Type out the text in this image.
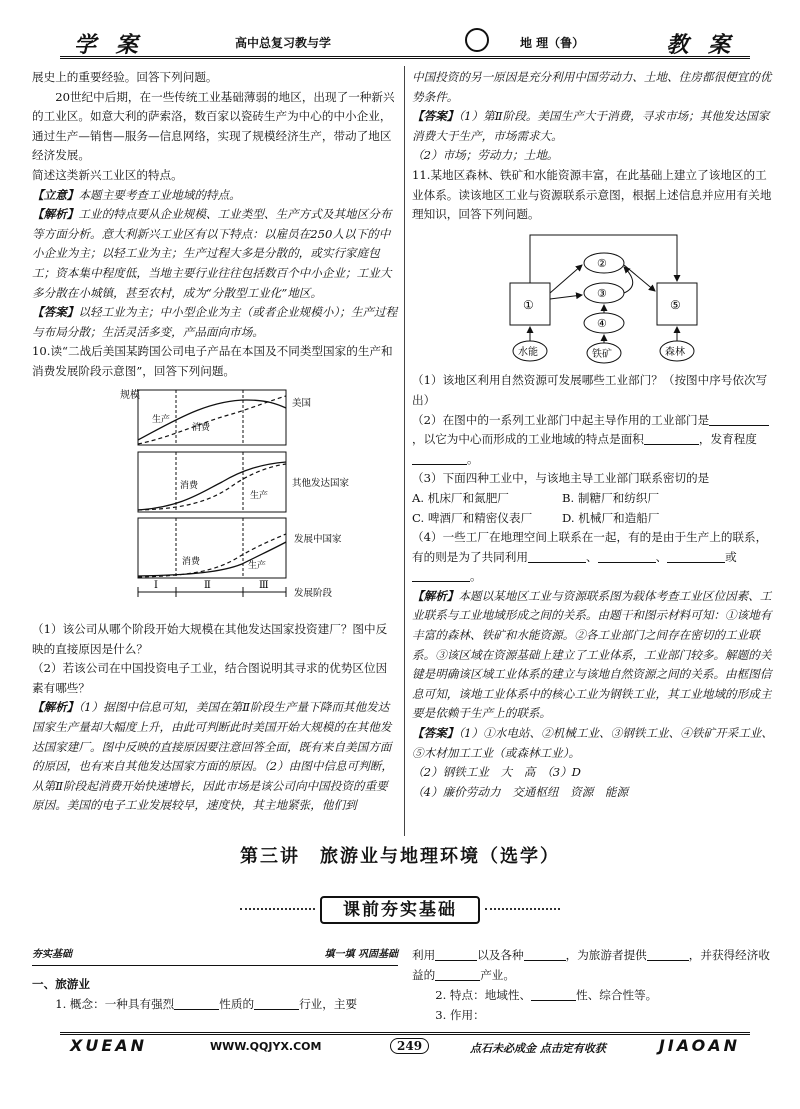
学 案	高中总复习教与学	地 理（鲁）	教 案

展史上的重要经验。回答下列问题。

20世纪中后期，在一些传统工业基础薄弱的地区，出现了一种新兴的工业区。如意大利的萨索洛，数百家以瓷砖生产为中心的中小企业，通过生产—销售—服务—信息网络，实现了规模经济生产，带动了地区经济发展。

简述这类新兴工业区的特点。

【立意】本题主要考查工业地域的特点。

【解析】工业的特点要从企业规模、工业类型、生产方式及其地区分布等方面分析。意大利新兴工业区有以下特点：以雇员在250人以下的中小企业为主；以轻工业为主；生产过程大多是分散的，或实行家庭包工；资本集中程度低，当地主要行业往往包括数百个中小企业；工业大多分散在小城镇，甚至农村，成为“分散型工业化”地区。

【答案】以轻工业为主；中小型企业为主（或者企业规模小）；生产过程与布局分散；生活灵活多变，产品面向市场。

10.读“二战后美国某跨国公司电子产品在本国及不同类型国家的生产和消费发展阶段示意图”，回答下列问题。

规模
生产
消费
美国
消费
生产
其他发达国家
消费	生产
发展中国家
Ⅰ	Ⅱ	Ⅲ
发展阶段

（1）该公司从哪个阶段开始大规模在其他发达国家投资建厂？图中反映的直接原因是什么？

（2）若该公司在中国投资电子工业，结合图说明其寻求的优势区位因素有哪些？

【解析】（1）据图中信息可知，美国在第Ⅱ阶段生产量下降而其他发达国家生产量却大幅度上升，由此可判断此时美国开始大规模的在其他发达国家建厂。图中反映的直接原因要注意回答全面，既有来自美国方面的原因，也有来自其他发达国家方面的原因。（2）由图中信息可判断，从第Ⅱ阶段起消费开始快速增长，因此市场是该公司向中国投资的重要原因。美国的电子工业发展较早，速度快，其主地紧张，他们到

中国投资的另一原因是充分利用中国劳动力、土地、住房都很便宜的优势条件。

【答案】（1）第Ⅱ阶段。美国生产大于消费，寻求市场；其他发达国家消费大于生产，市场需求大。

（2）市场；劳动力；土地。

11.某地区森林、铁矿和水能资源丰富，在此基础上建立了该地区的工业体系。读该地区工业与资源联系示意图，根据上述信息并应用有关地理知识，回答下列问题。

①	⑤
②
③
④
水能	铁矿	森林

（1）该地区利用自然资源可发展哪些工业部门？（按图中序号依次写出）

（2）在图中的一系列工业部门中起主导作用的工业部门是，以它为中心而形成的工业地域的特点是面积	，发育程度。

（3）下面四种工业中，与该地主导工业部门联系密切的是

A. 机床厂和氮肥厂	B. 制糖厂和纺织厂

C. 啤酒厂和精密仪表厂	D. 机械厂和造船厂

（4）一些工厂在地理空间上联系在一起，有的是由于生产上的联系，有的则是为了共同利用	、	、	或。

【解析】本题以某地区工业与资源联系图为载体考查工业区位因素、工业联系与工业地域形成之间的关系。由题干和图示材料可知：①该地有丰富的森林、铁矿和水能资源。②各工业部门之间存在密切的工业联系。③该区域在资源基础上建立了工业体系，工业部门较多。解题的关键是明确该区域工业体系的建立与该地自然资源之间的关系。由框图信息可知，该地工业体系中的核心工业为钢铁工业，其工业地域的形成主要是依赖于生产上的联系。

【答案】（1）①水电站、②机械工业、③钢铁工业、④铁矿开采工业、⑤木材加工工业（或森林工业）。

（2）钢铁工业　大　高　（3）D

（4）廉价劳动力　交通枢纽　资源　能源

第三讲　旅游业与地理环境（选学）
课前夯实基础
夯实基础	填一填 巩固基础

一、旅游业

1. 概念：一种具有强烈	性质的	行业，主要

利用	以及各种	，为旅游者提供	，并获得经济收益的	产业。

2. 特点：地域性、	性、综合性等。

3. 作用：

XUEAN	WWW.QQJYX.COM	249	点石未必成金 点击定有收获	JIAOAN
